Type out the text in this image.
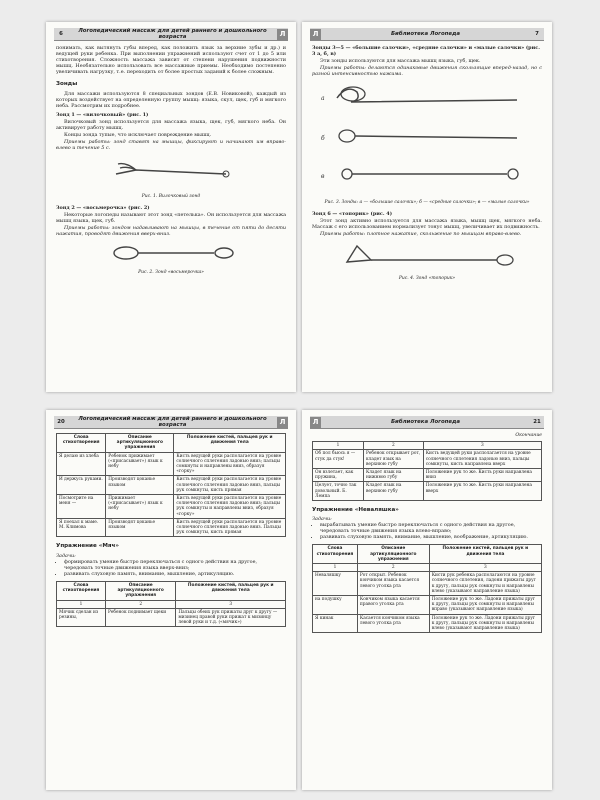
6	Логопедический массаж для детей раннего и дошкольного возраста	Л

понимать, как вытянуть губы вперед, как положить язык за верхние зубы и др.) и ведущей руки ребенка. При выполнении упражнений используют счет от 1 до 5 или стихотворения. Сложность массажа зависит от степени нарушения подвижности мышц. Необязательно использовать все массажные приемы. Необходимо постепенно увеличивать нагрузку, т.е. переходить от более простых заданий к более сложным.

Зонды

Для массажи используются 8 специальных зондов (Е.В. Новиковой), каждый из которых воздействует на определенную группу мышц: языка, скул, щек, губ и мягкого неба. Рассмотрим их подробнее.

Зонд 1 — «вилочковый» (рис. 1)

Вилочковый зонд используется для массажа языка, щек, губ, мягкого неба. Он активирует работу мышц.

Концы зонда тупые, что исключает повреждение мышц.

Приемы работы: зонд ставят на мышцы, фиксируют и начинают им вправо-влево и течение 5 с.

Рис. 1. Вилочковый зонд
Зонд 2 — «восьмерочка» (рис. 2)

Некоторые логопеды называют этот зонд «петелька». Он используется для массажа мышц языка, щек, губ.

Приемы работы: зондом надавливают на мышцы, в течение от пяти до десяти нажатия, проводят движения вверх-вниз.

Рис. 2. Зонд «восьмерочка»
Л	Библиотека Логопеда	7
Зонды 3—5 — «большие салочки», «средние салочки» и «малые салочки» (рис. 3 а, б, в)

Эти зонды используются для массажа мышц языка, губ, щек.

Приемы работы: делаются одинаковые движения скользящие вперед-назад, но с разной интенсивностью нажима.

а
б
в
Рис. 3. Зонды: а — «большие салочки»; б — «средние салочки»; в — «малые салочки»
Зонд 6 — «топорик» (рис. 4)

Этот зонд активно используется для массажа языка, мышц щек, мягкого неба. Массаж с его использованием нормализует тонус мышц, увеличивает их подвижность.

Приемы работы: плотное нажатие, скольжение по мышцам вправо-влево.

Рис. 4. Зонд «топорик»
20	Логопедический массаж для детей раннего и дошкольного возраста	Л
Слова стихотворения	Описание артикуляционного упражнения	Положение кистей, пальцев рук и движения тела
Я делаю из хлеба	Ребенок прижимает («присасывает») язык к небу	Кисть ведущей руки располагается на уровне солнечного сплетения ладонью вниз; пальцы сомкнуты и направлены вниз, образуя «горку»
И держусь руками.	Производят цоканье языком	Кисть ведущей руки располагается на уровне солнечного сплетения ладонью вниз, пальцы рук сомкнуты, кисть прямая
Посмотрите на меня —	Прижимает («присасывает») язык к небу	Кисть ведущей руки располагается на уровне солнечного сплетения ладонью вниз; пальцы рук сомкнуты и направлены вниз, образуя «горку»
Я поехал к маме. М. Климова	Производят цоканье языком	Кисть ведущей руки располагается на уровне солнечного сплетения ладонью вниз. Пальцы рук сомкнуты, кисть прямая
Упражнение «Мяч»
Задачи:
• формировать умение быстро переключаться с одного действия на другое, чередовать точные движения языка вверх-вниз;
• развивать слуховую память, внимание, мышление, артикуляцию.
Слова стихотворения	Описание артикуляционного упражнения	Положение кистей, пальцев рук и движения тела
1	2	3
Мячик сделан из резины,	Ребенок поднимает щеки	Пальцы обеих рук прижаты друг к другу — мизинец правой руки прижат к мизинцу левой руки и т.д. («мячик»)
Л	Библиотека Логопеда	21
Окончание
1	2	3
Об пол бьюсь я — стук да стук!	Ребенок открывает рот, кладет язык на верхнюю губу	Кисть ведущей руки располагается на уровне солнечного сплетения ладонью вниз, пальцы сомкнуты, кисть направлена вверх
Он взлетает, как пружина,	Кладет язык на нижнюю губу	Положение рук то же. Кисть руки направлена вниз
Целует, точно так довольный. Б. Лемпа	Кладет язык на верхнюю губу	Положение рук то же. Кисть руки направлена вверх
Упражнение «Неваляшка»
Задачи:
• вырабатывать умение быстро переключаться с одного действия на другое, чередовать точные движения языка влево-вправо;
• развивать слуховую память, внимание, мышление, воображение, артикуляцию.
Слова стихотворения	Описание артикуляционного упражнения	Положение кистей, пальцев рук и движения тела
1	2	3
Неваляшку	Рот открыт. Ребенок кончиком языка касается левого уголка рта	Кисти рук ребенка располагаются на уровне солнечного сплетения, ладони прижаты друг к другу, пальцы рук сомкнуты и направлены влево (указывают направление языка)
на подушку	Кончиком языка касается правого уголка рта	Положение рук то же. Ладони прижаты друг к другу, пальцы рук сомкнуты и направлены вправо (указывают направление языка)
Я кинак	Касается кончиком языка левого уголка рта	Положение рук то же. Ладони прижаты друг к другу, пальцы рук сомкнуты и направлены влево (указывают направление языка)
